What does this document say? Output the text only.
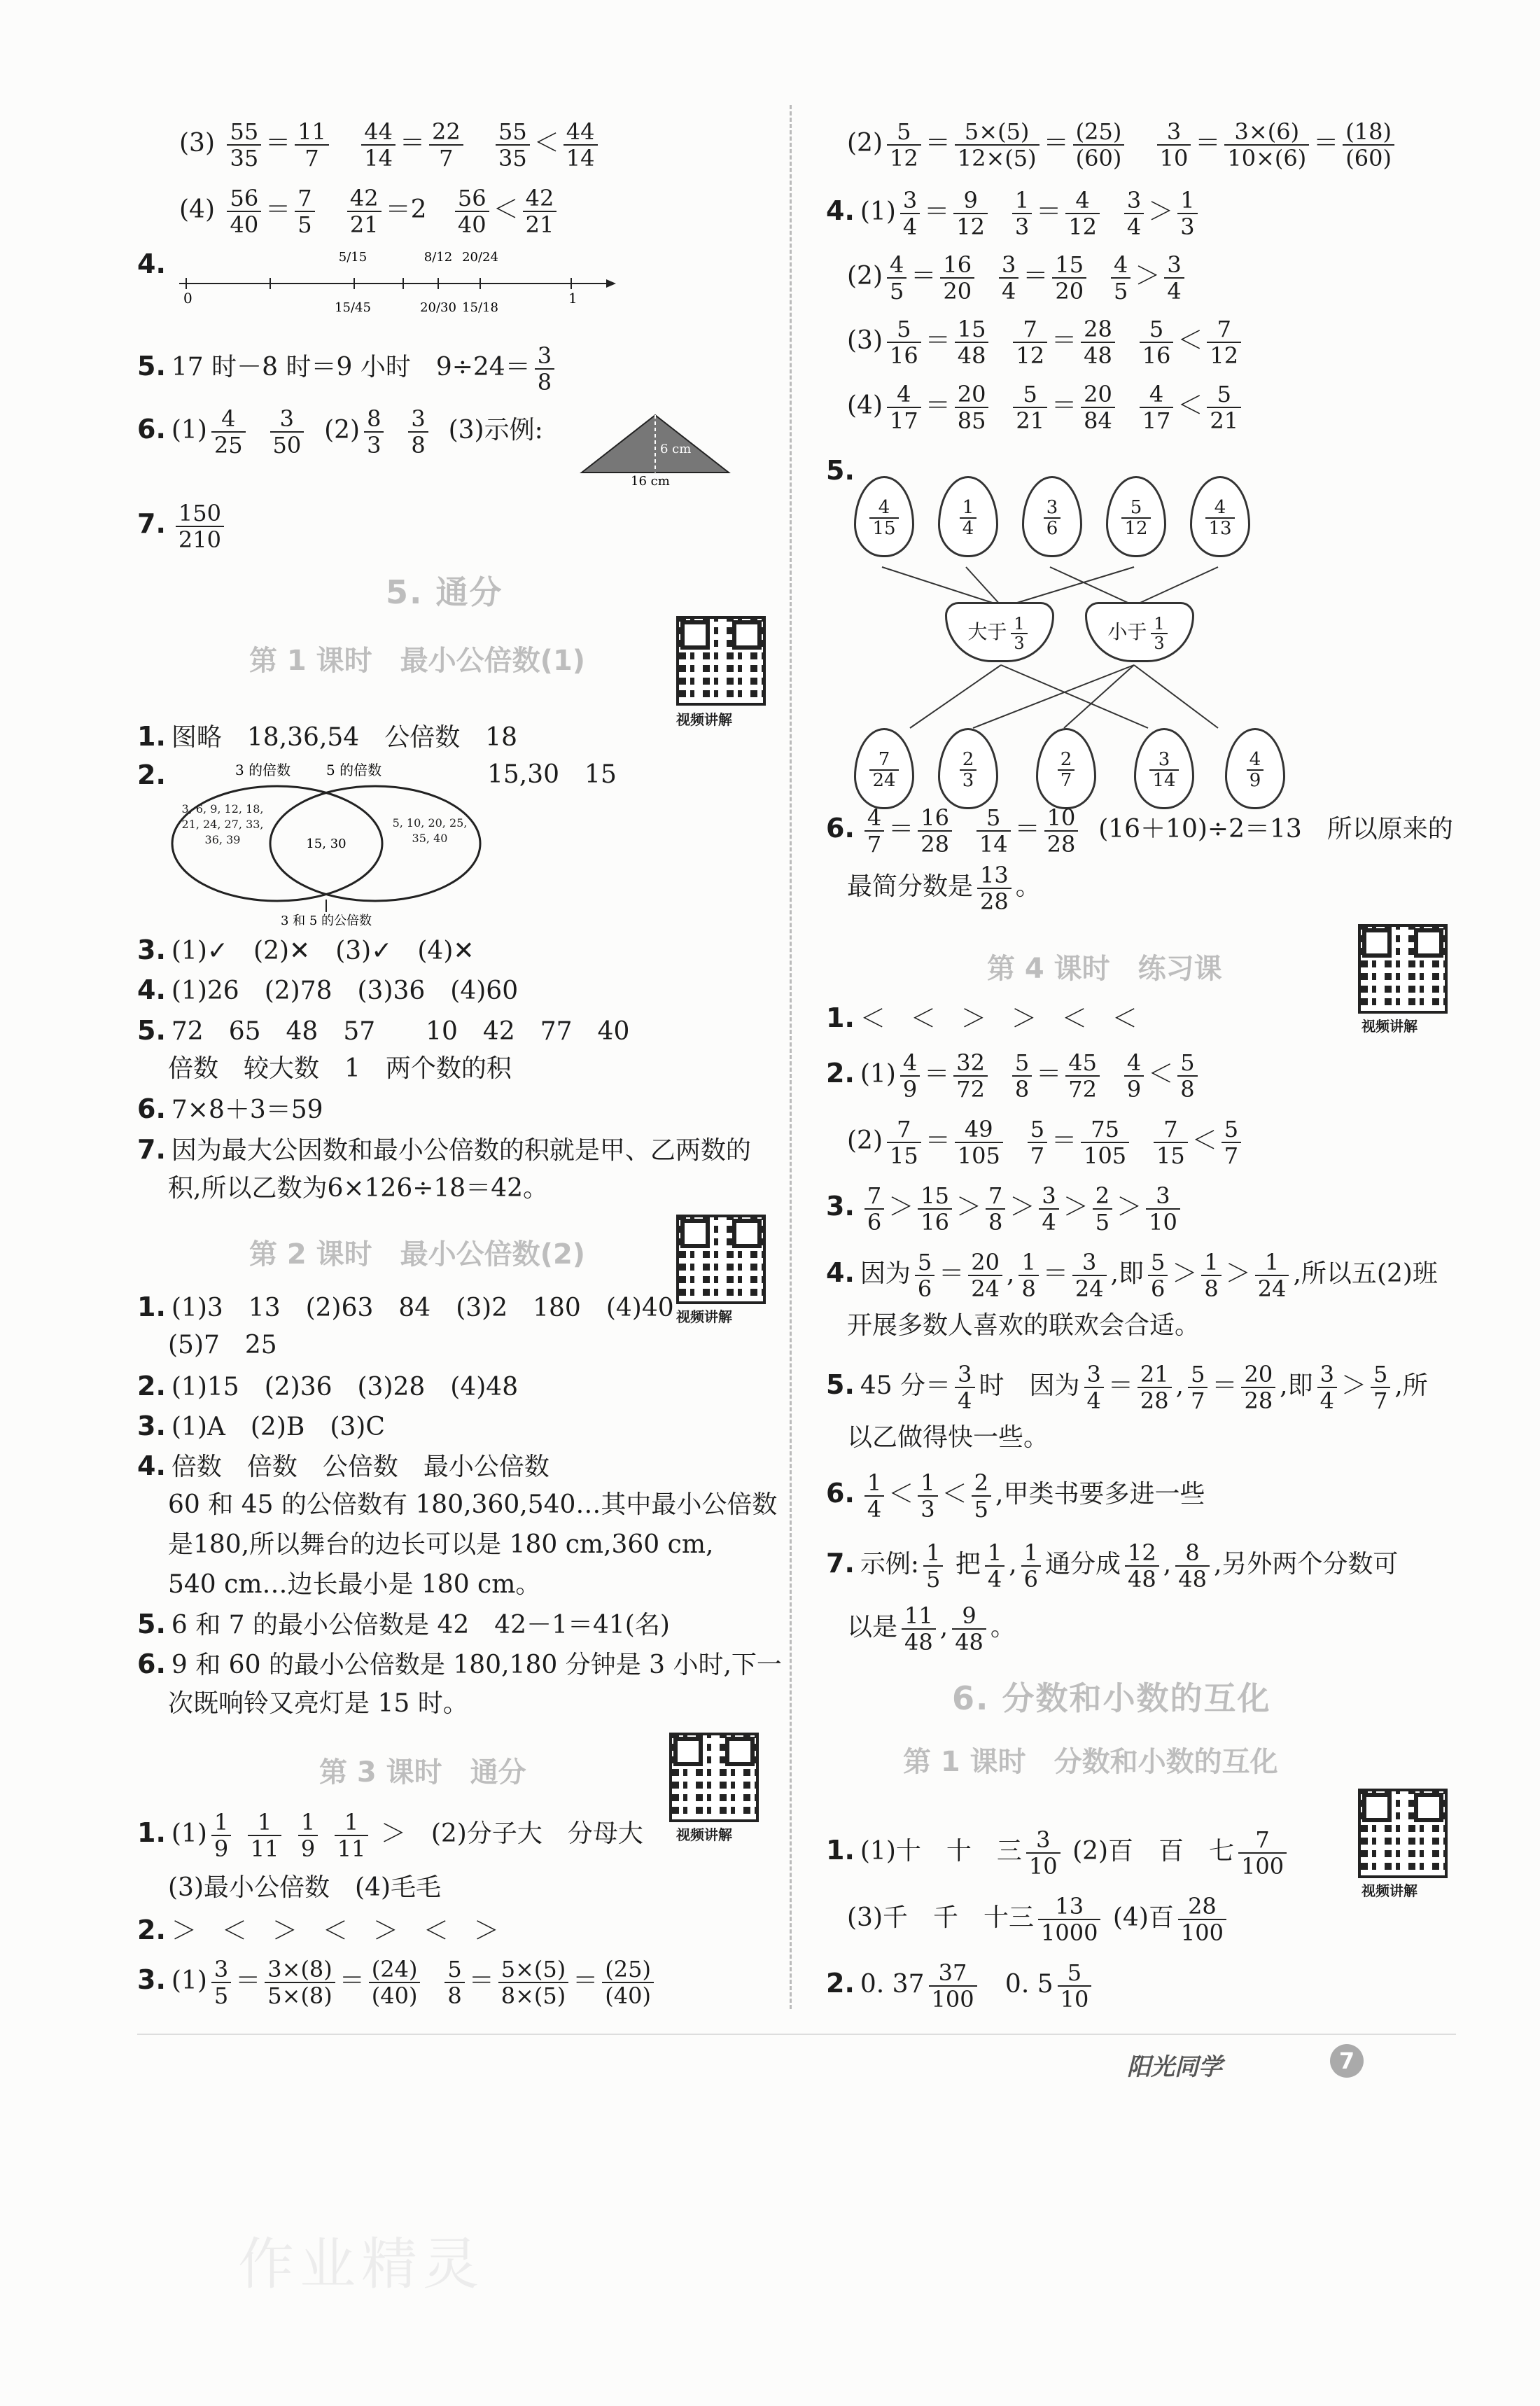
$(3) \frac{55}{35} = \frac{11}{7}$
$\frac{44}{14} = \frac{22}{7}$
$\frac{55}{35} < \frac{44}{14}$
$(4) \frac{56}{40} = \frac{7}{5}$
$\frac{42}{21} =2 \frac{56}{40} < \frac{42}{21}$
4.
0	1
5/15	8/12 20/24
15/45	20/30 15/18
5. 17 时－8 时＝9 小时　$9\div 24= \frac{3}{8}$
6. $(1) \frac{4}{25}$
$\frac{3}{50} (2) \frac{8}{3}$
$\frac{3}{8} (3)$示例:
6 cm
16 cm
7. $\frac{150}{210}$
5. 通分
第 1 课时　最小公倍数(1)
视频讲解
1. 图略　18,36,54　公倍数　18
2.	3 的倍数	5 的倍数
3, 6, 9, 12, 18, 21, 24, 27, 33, 36, 39	15, 30
5, 10, 20, 25, 35, 40
3 和 5 的公倍数
15,30　15
3. (1)✓　(2)✕　(3)✓　(4)✕
4. (1)26　(2)78　(3)36　(4)60
5. 72　65　48　57　　10　42　77　40
倍数　较大数　1　两个数的积
6. 7×8＋3＝59
7. 因为最大公因数和最小公倍数的积就是甲、乙两数的
积,所以乙数为6×126÷18＝42。
第 2 课时　最小公倍数(2)
视频讲解
1. (1)3　13　(2)63　84　(3)2　180　(4)40
(5)7　25
2. (1)15　(2)36　(3)28　(4)48
3. (1)A　(2)B　(3)C
4. 倍数　倍数　公倍数　最小公倍数
60 和 45 的公倍数有 180,360,540…其中最小公倍数
是180,所以舞台的边长可以是 180 cm,360 cm,
540 cm…边长最小是 180 cm。
5. 6 和 7 的最小公倍数是 42　42－1＝41(名)
6. 9 和 60 的最小公倍数是 180,180 分钟是 3 小时,下一
次既响铃又亮灯是 15 时。
第 3 课时　通分
视频讲解
1. $(1) \frac{1}{9}$
$\frac{1}{11}$
$\frac{1}{9}$
$\frac{1}{11}$ ＞　(2)分子大　分母大
(3)最小公倍数　(4)毛毛
2. ＞　＜　＞　＜　＞　＜　＞
3. $(1) \frac{3}{5} = \frac{3\times(8)}{5\times(8)} = \frac{(24)}{(40)}$
$\frac{5}{8} = \frac{5\times(5)}{8\times(5)} = \frac{(25)}{(40)}$
$(2) \frac{5}{12} = \frac{5\times(5)}{12\times(5)} = \frac{(25)}{(60)}$
$\frac{3}{10} = \frac{3\times(6)}{10\times(6)} = \frac{(18)}{(60)}$
4. $(1) \frac{3}{4} = \frac{9}{12}$
$\frac{1}{3} = \frac{4}{12}$
$\frac{3}{4} > \frac{1}{3}$
$(2) \frac{4}{5} = \frac{16}{20}$
$\frac{3}{4} = \frac{15}{20}$
$\frac{4}{5} > \frac{3}{4}$
$(3) \frac{5}{16} = \frac{15}{48}$
$\frac{7}{12} = \frac{28}{48}$
$\frac{5}{16} < \frac{7}{12}$
$(4) \frac{4}{17} = \frac{20}{85}$
$\frac{5}{21} = \frac{20}{84}$
$\frac{4}{17} < \frac{5}{21}$
5.
$\frac{4}{15}$	$\frac{1}{4}$	$\frac{3}{6}$	$\frac{5}{12}$	$\frac{4}{13}$
大于 $\frac{1}{3}$	小于 $\frac{1}{3}$
$\frac{7}{24}$	$\frac{2}{3}$	$\frac{2}{7}$	$\frac{3}{14}$	$\frac{4}{9}$
6. $\frac{4}{7} = \frac{16}{28}$
$\frac{5}{14} = \frac{10}{28} (16+10)\div 2=13$　所以原来的
最简分数是 $\frac{13}{28}$ 。
第 4 课时　练习课
视频讲解
1. ＜　＜　＞　＞　＜　＜
2. $(1) \frac{4}{9} = \frac{32}{72}$
$\frac{5}{8} = \frac{45}{72}$
$\frac{4}{9} < \frac{5}{8}$
$(2) \frac{7}{15} = \frac{49}{105}$
$\frac{5}{7} = \frac{75}{105}$
$\frac{7}{15} < \frac{5}{7}$
3. $\frac{7}{6} > \frac{15}{16} > \frac{7}{8} > \frac{3}{4} > \frac{2}{5} > \frac{3}{10}$
4. 因为 $\frac{5}{6} = \frac{20}{24}$ , $\frac{1}{8} = \frac{3}{24}$ ,即 $\frac{5}{6} > \frac{1}{8} > \frac{1}{24}$ ,所以五(2)班
开展多数人喜欢的联欢会合适。
5. 45 分＝ $\frac{3}{4}$ 时　因为 $\frac{3}{4} = \frac{21}{28}$ , $\frac{5}{7} = \frac{20}{28}$ ,即 $\frac{3}{4} > \frac{5}{7}$ ,所
以乙做得快一些。
6. $\frac{1}{4} < \frac{1}{3} < \frac{2}{5}$ ,甲类书要多进一些
7. 示例: $\frac{1}{5}$ 把 $\frac{1}{4}$ , $\frac{1}{6}$ 通分成 $\frac{12}{48}$ , $\frac{8}{48}$ ,另外两个分数可
以是 $\frac{11}{48}$ , $\frac{9}{48}$ 。
6. 分数和小数的互化
第 1 课时　分数和小数的互化
视频讲解
1. (1)十　十　三 $\frac{3}{10} (2)$百　百　七 $\frac{7}{100}$
(3)千　千　十三 $\frac{13}{1000} (4)$百 $\frac{28}{100}$
2. 0. $37 \frac{37}{100} 0$. $5 \frac{5}{10}$
阳光同学	7
作业精灵
